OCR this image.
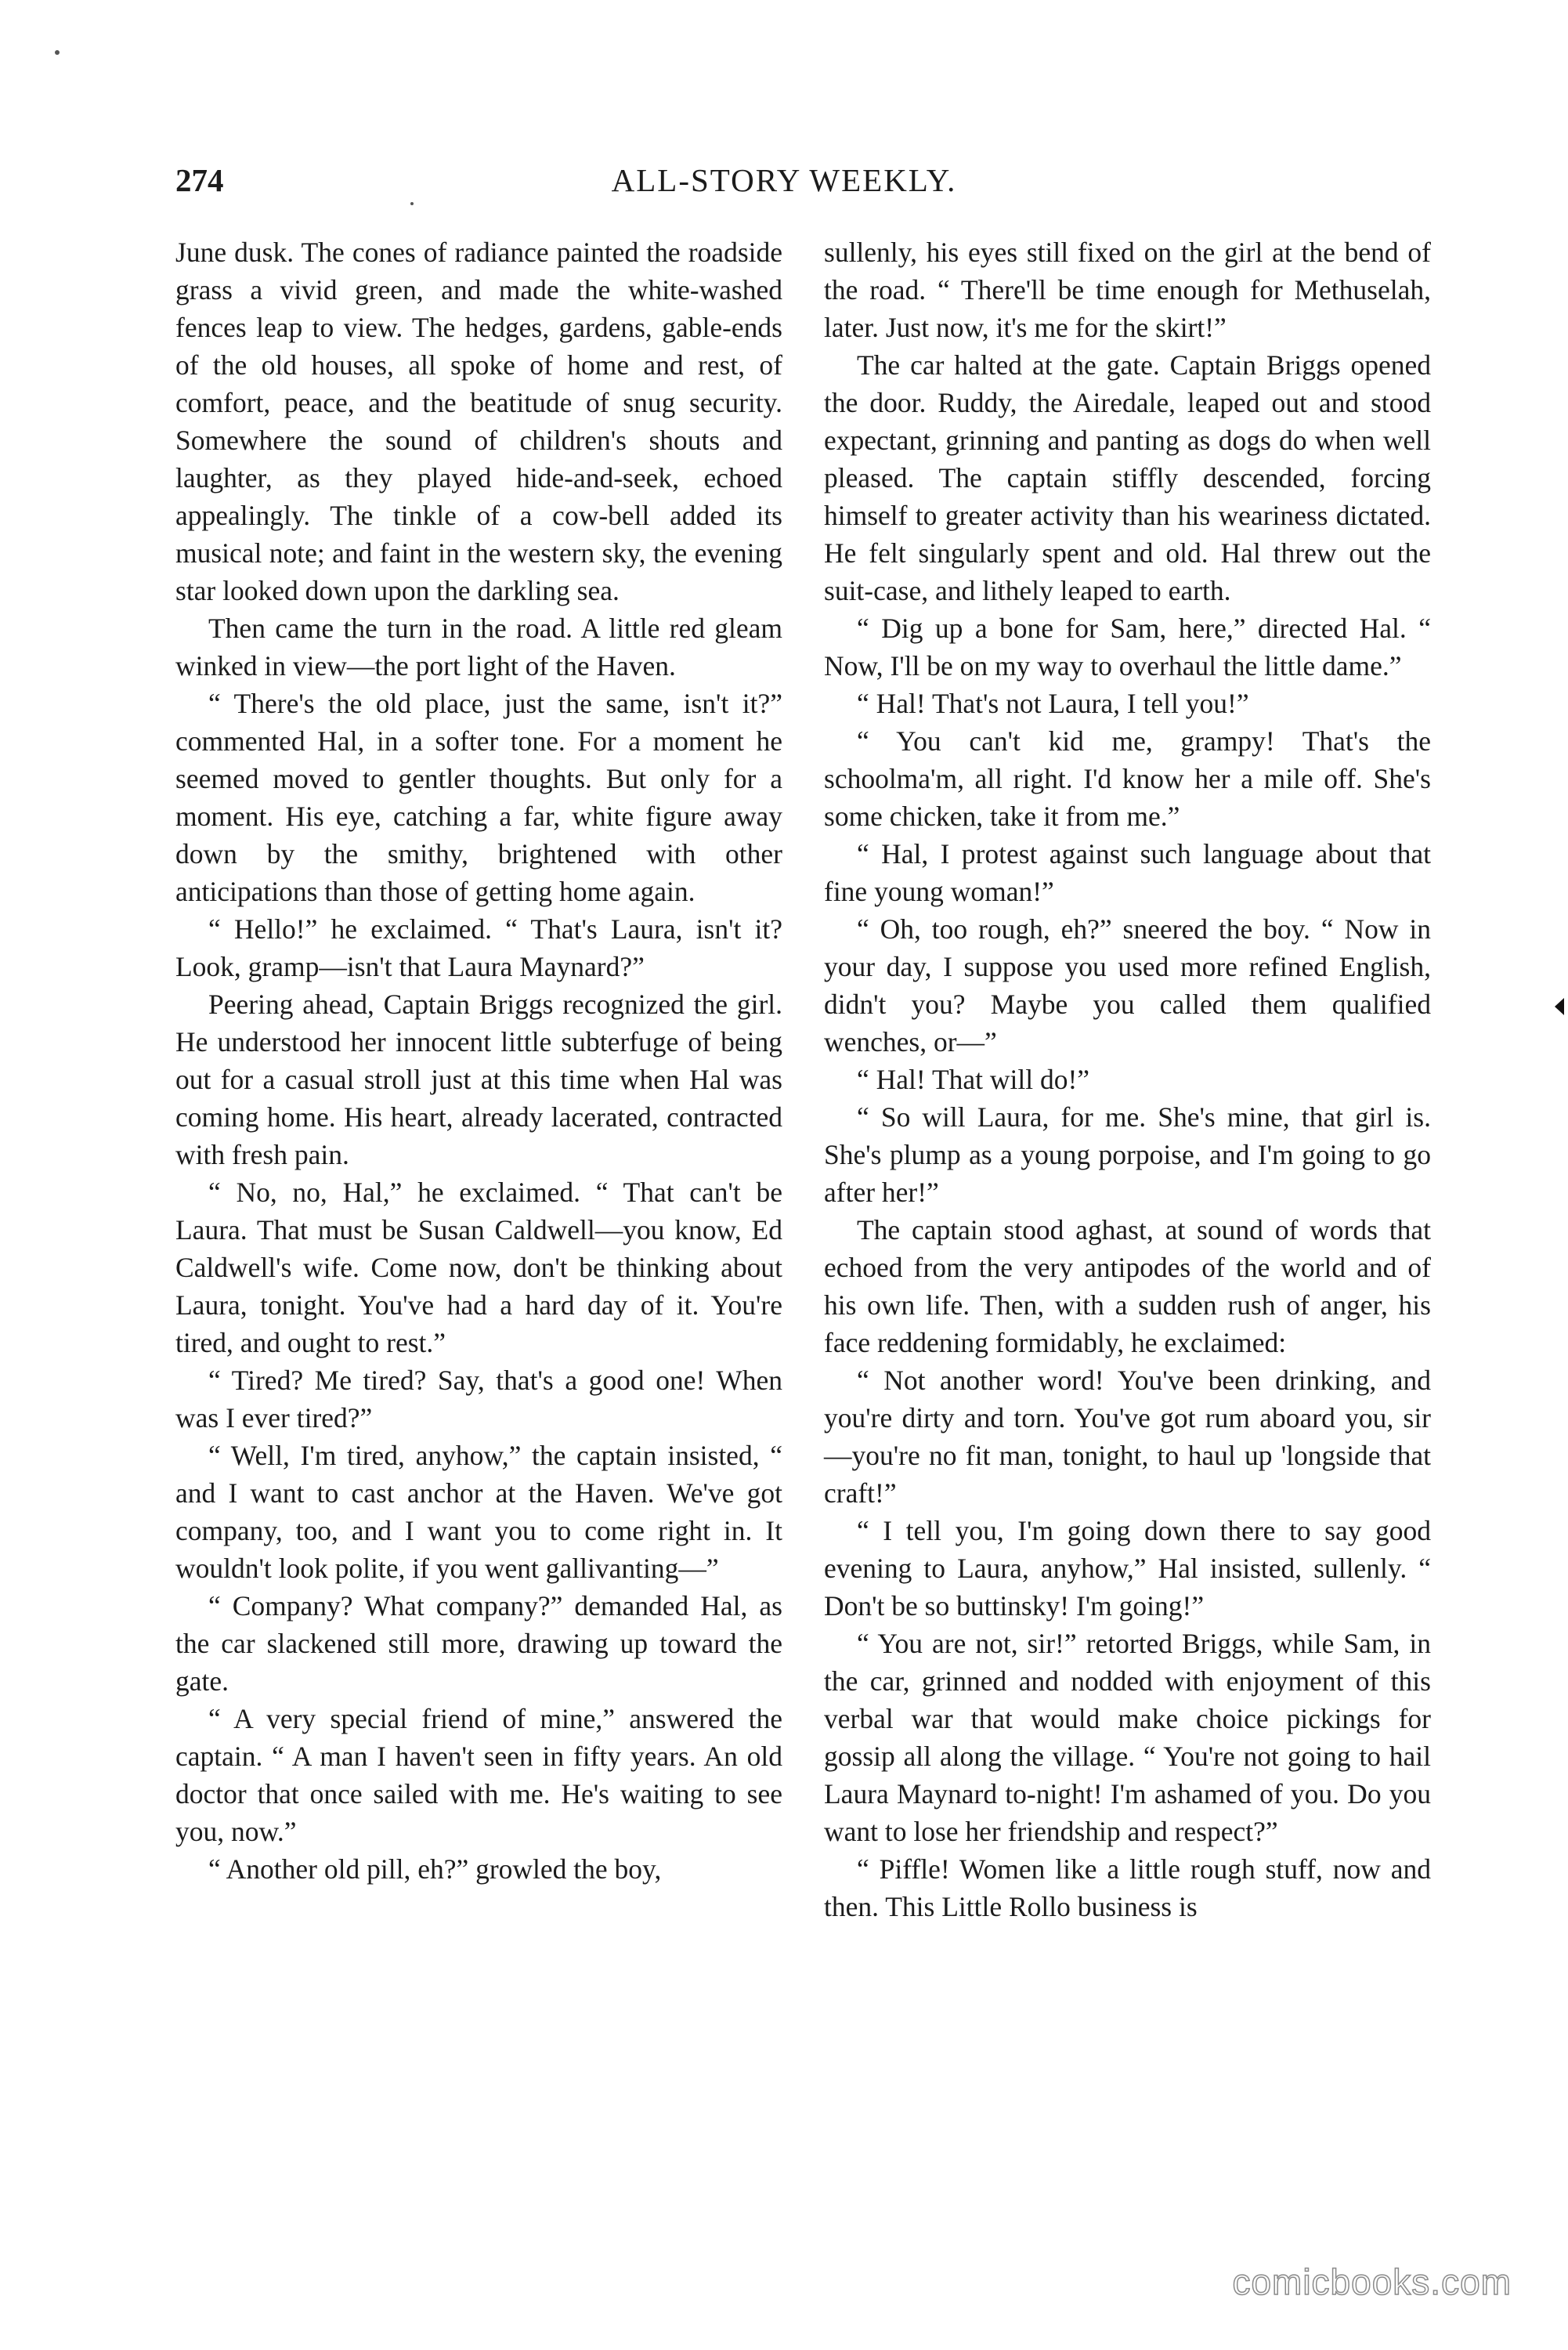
ALL-STORY WEEKLY.
274

June dusk. The cones of radiance painted the roadside grass a vivid green, and made the white-washed fences leap to view. The hedges, gardens, gable-ends of the old houses, all spoke of home and rest, of comfort, peace, and the beatitude of snug security. Somewhere the sound of children's shouts and laughter, as they played hide-and-seek, echoed appealingly. The tinkle of a cow-bell added its musical note; and faint in the western sky, the evening star looked down upon the darkling sea.

Then came the turn in the road. A little red gleam winked in view—the port light of the Haven.

“ There's the old place, just the same, isn't it?” commented Hal, in a softer tone. For a moment he seemed moved to gentler thoughts. But only for a moment. His eye, catching a far, white figure away down by the smithy, brightened with other anticipations than those of getting home again.

“ Hello!” he exclaimed. “ That's Laura, isn't it? Look, gramp—isn't that Laura Maynard?”

Peering ahead, Captain Briggs recognized the girl. He understood her innocent little subterfuge of being out for a casual stroll just at this time when Hal was coming home. His heart, already lacerated, contracted with fresh pain.

“ No, no, Hal,” he exclaimed. “ That can't be Laura. That must be Susan Caldwell—you know, Ed Caldwell's wife. Come now, don't be thinking about Laura, tonight. You've had a hard day of it. You're tired, and ought to rest.”

“ Tired? Me tired? Say, that's a good one! When was I ever tired?”

“ Well, I'm tired, anyhow,” the captain insisted, “ and I want to cast anchor at the Haven. We've got company, too, and I want you to come right in. It wouldn't look polite, if you went gallivanting—”

“ Company? What company?” demanded Hal, as the car slackened still more, drawing up toward the gate.

“ A very special friend of mine,” answered the captain. “ A man I haven't seen in fifty years. An old doctor that once sailed with me. He's waiting to see you, now.”

“ Another old pill, eh?” growled the boy,

sullenly, his eyes still fixed on the girl at the bend of the road. “ There'll be time enough for Methuselah, later. Just now, it's me for the skirt!”

The car halted at the gate. Captain Briggs opened the door. Ruddy, the Airedale, leaped out and stood expectant, grinning and panting as dogs do when well pleased. The captain stiffly descended, forcing himself to greater activity than his weariness dictated. He felt singularly spent and old. Hal threw out the suit-case, and lithely leaped to earth.

“ Dig up a bone for Sam, here,” directed Hal. “ Now, I'll be on my way to overhaul the little dame.”

“ Hal! That's not Laura, I tell you!”

“ You can't kid me, grampy! That's the schoolma'm, all right. I'd know her a mile off. She's some chicken, take it from me.”

“ Hal, I protest against such language about that fine young woman!”

“ Oh, too rough, eh?” sneered the boy. “ Now in your day, I suppose you used more refined English, didn't you? Maybe you called them qualified wenches, or—”

“ Hal! That will do!”

“ So will Laura, for me. She's mine, that girl is. She's plump as a young porpoise, and I'm going to go after her!”

The captain stood aghast, at sound of words that echoed from the very antipodes of the world and of his own life. Then, with a sudden rush of anger, his face reddening formidably, he exclaimed:

“ Not another word! You've been drinking, and you're dirty and torn. You've got rum aboard you, sir—you're no fit man, tonight, to haul up 'longside that craft!”

“ I tell you, I'm going down there to say good evening to Laura, anyhow,” Hal insisted, sullenly. “ Don't be so buttinsky! I'm going!”

“ You are not, sir!” retorted Briggs, while Sam, in the car, grinned and nodded with enjoyment of this verbal war that would make choice pickings for gossip all along the village. “ You're not going to hail Laura Maynard to-night! I'm ashamed of you. Do you want to lose her friendship and respect?”

“ Piffle! Women like a little rough stuff, now and then. This Little Rollo business is

comicbooks.com
